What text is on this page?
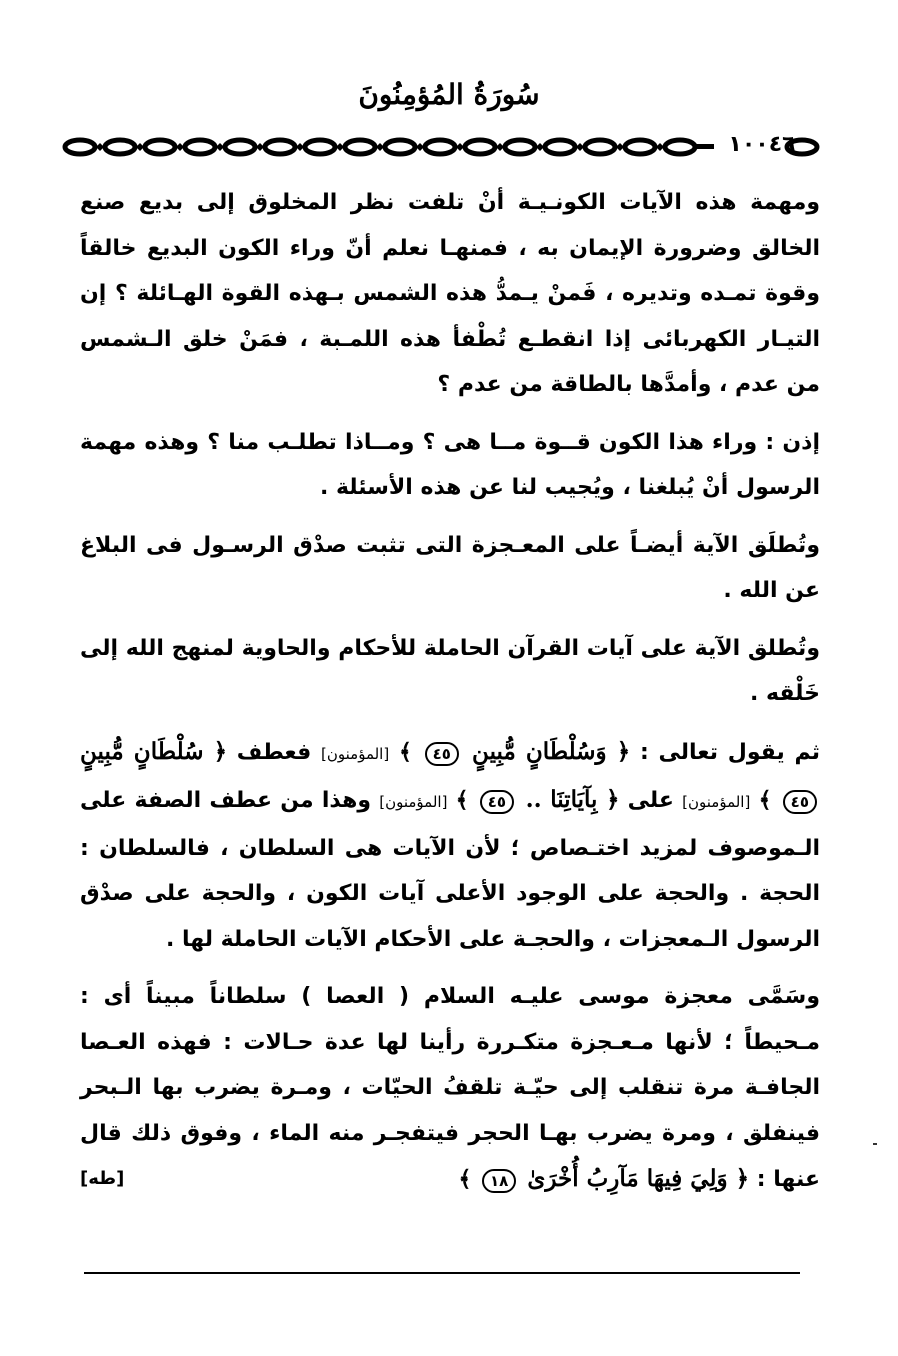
سُورَةُ المُؤمِنُونَ
١٠٠٤٦

ومهمة هذه الآيات الكونـيـة أنْ تلفت نظر المخلوق إلى بديع صنع الخالق وضرورة الإيمان به ، فمنهـا نعلم أنّ وراء الكون البديع خالقاً وقوة تمـده وتديره ، فَمنْ يـمدُّ هذه الشمس بـهذه القوة الهـائلة ؟ إن التيـار الكهربائى إذا انقطـع تُطْفأ هذه اللمـبة ، فمَنْ خلق الـشمس من عدم ، وأمدَّها بالطاقة من عدم ؟

إذن : وراء هذا الكون قــوة مــا هى ؟ ومــاذا تطلـب منا ؟ وهذه مهمة الرسول أنْ يُبلغنا ، ويُجيب لنا عن هذه الأسئلة .

وتُطلَق الآية أيضـاً على المعـجزة التى تثبت صدْق الرسـول فى البلاغ عن الله .

وتُطلق الآية على آيات القرآن الحاملة للأحكام والحاوية لمنهج الله إلى خَلْقه .

ثم يقول تعالى : ﴿ وَسُلْطَانٍ مُّبِينٍ ٤٥ ﴾ [المؤمنون] فعطف ﴿ سُلْطَانٍ مُّبِينٍ ٤٥ ﴾ [المؤمنون] على ﴿ بِآيَاتِنَا .. ٤٥ ﴾ [المؤمنون] وهذا من عطف الصفة على الـموصوف لمزيد اختـصاص ؛ لأن الآيات هى السلطان ، فالسلطان : الحجة . والحجة على الوجود الأعلى آيات الكون ، والحجة على صدْق الرسول الـمعجزات ، والحجـة على الأحكام الآيات الحاملة لها .

وسَمَّى معجزة موسى عليـه السلام ( العصا ) سلطاناً مبيناً أى : مـحيطاً ؛ لأنها مـعـجزة متكـررة رأينا لها عدة حـالات : فهذه العـصا الجافـة مرة تنقلب إلى حيّـة تلقفُ الحيّات ، ومـرة يضرب بها الـبحر فينفلق ، ومرة يضرب بهـا الحجر فيتفجـر منه الماء ، وفوق ذلك قال عنها : ﴿ وَلِيَ فِيهَا مَآرِبُ أُخْرَىٰ ١٨ ﴾
[طه]
